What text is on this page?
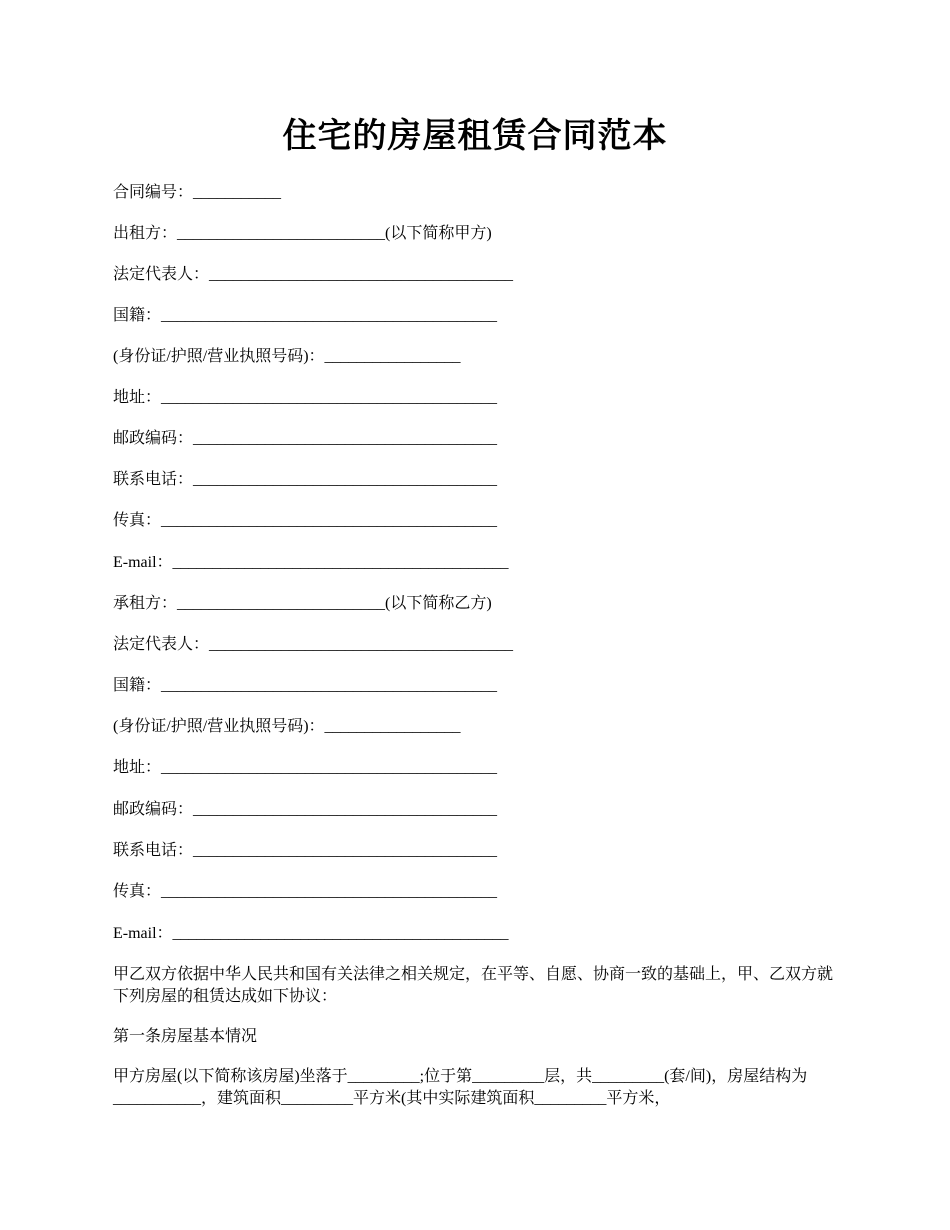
住宅的房屋租赁合同范本
合同编号：___________
出租方：__________________________(以下简称甲方)
法定代表人：______________________________________
国籍：__________________________________________
(身份证/护照/营业执照号码)：_________________
地址：__________________________________________
邮政编码：______________________________________
联系电话：______________________________________
传真：__________________________________________
E-mail：__________________________________________
承租方：__________________________(以下简称乙方)
法定代表人：______________________________________
国籍：__________________________________________
(身份证/护照/营业执照号码)：_________________
地址：__________________________________________
邮政编码：______________________________________
联系电话：______________________________________
传真：__________________________________________
E-mail：__________________________________________
甲乙双方依据中华人民共和国有关法律之相关规定，在平等、自愿、协商一致的基础上，甲、乙双方就下列房屋的租赁达成如下协议：
第一条房屋基本情况
甲方房屋(以下简称该房屋)坐落于_________;位于第_________层，共_________(套/间)，房屋结构为___________，建筑面积_________平方米(其中实际建筑面积_________平方米，
